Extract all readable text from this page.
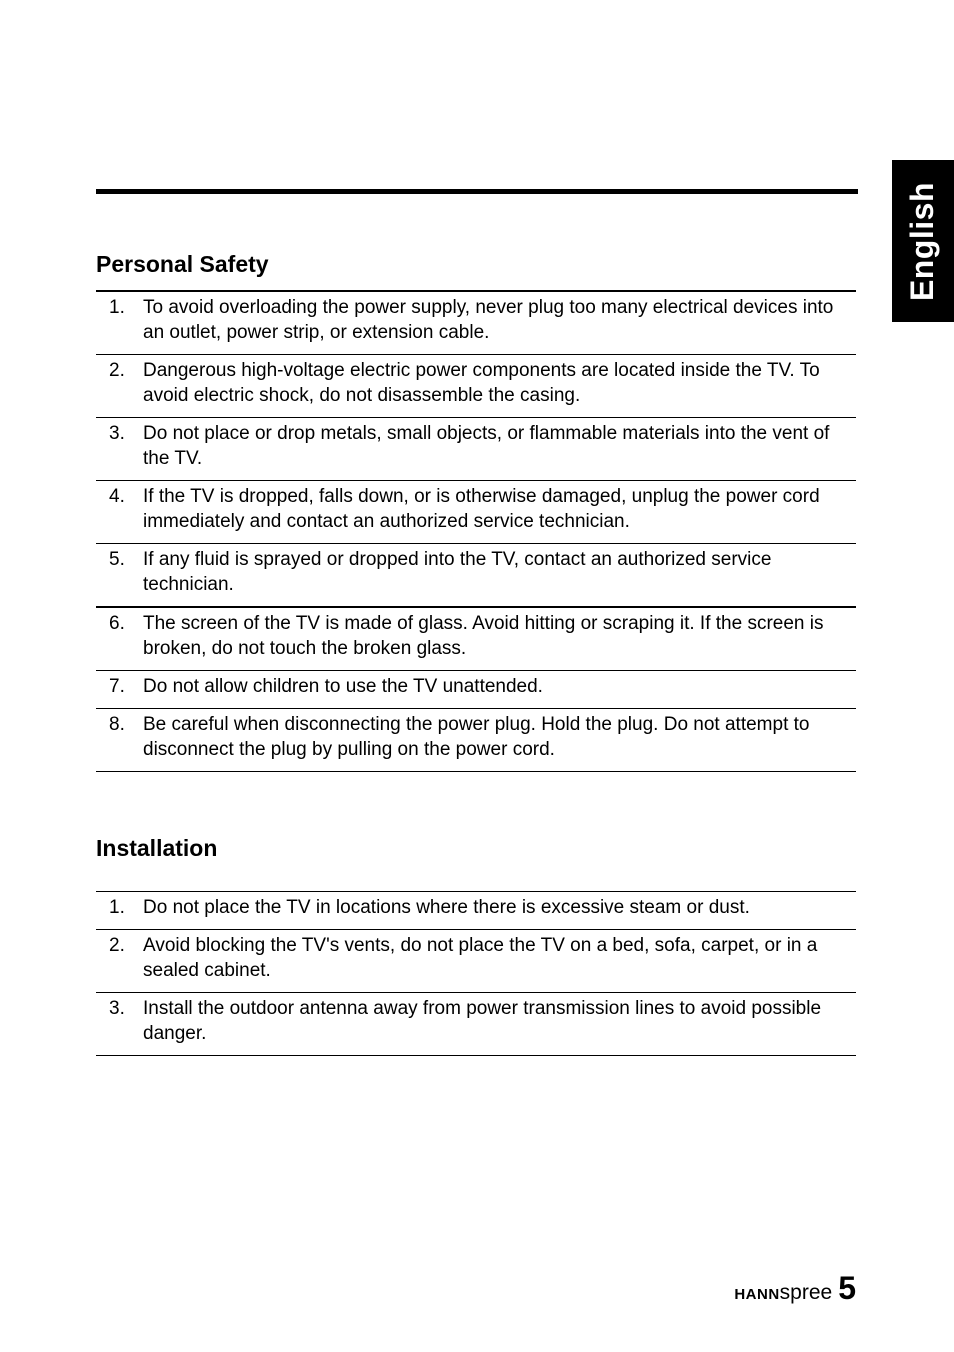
English
Personal Safety
1. To avoid overloading the power supply, never plug too many electrical devices into an outlet, power strip, or extension cable.
2. Dangerous high-voltage electric power components are located inside the TV. To avoid electric shock, do not disassemble the casing.
3. Do not place or drop metals, small objects, or flammable materials into the vent of the TV.
4. If the TV is dropped, falls down, or is otherwise damaged, unplug the power cord immediately and contact an authorized service technician.
5. If any fluid is sprayed or dropped into the TV, contact an authorized service technician.
6. The screen of the TV is made of glass. Avoid hitting or scraping it. If the screen is broken, do not touch the broken glass.
7. Do not allow children to use the TV unattended.
8. Be careful when disconnecting the power plug. Hold the plug. Do not attempt to disconnect the plug by pulling on the power cord.
Installation
1. Do not place the TV in locations where there is excessive steam or dust.
2. Avoid blocking the TV's vents, do not place the TV on a bed, sofa, carpet, or in a sealed cabinet.
3. Install the outdoor antenna away from power transmission lines to avoid possible danger.
HANN spree 5
